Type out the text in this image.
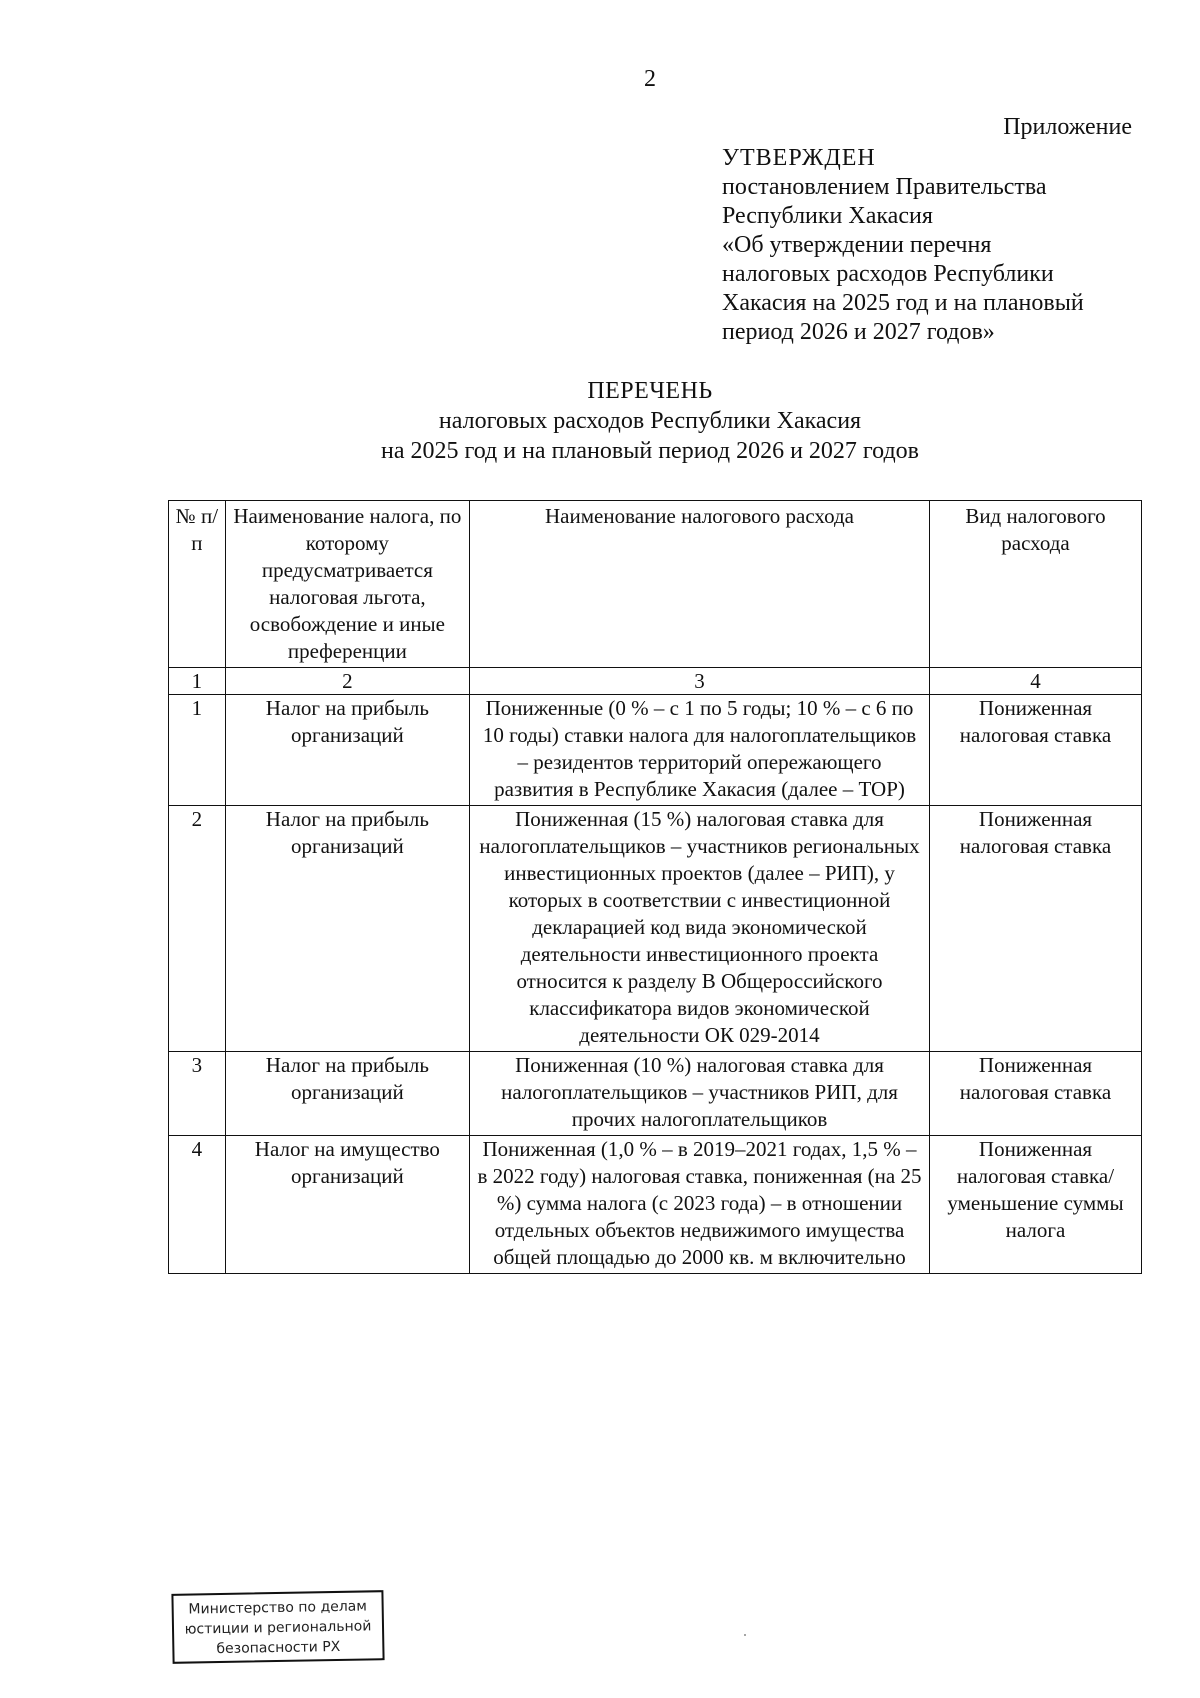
2
Приложение
УТВЕРЖДЕН
постановлением Правительства
Республики Хакасия
«Об утверждении перечня
налоговых расходов Республики
Хакасия на 2025 год и на плановый
период 2026 и 2027 годов»
ПЕРЕЧЕНЬ
налоговых расходов Республики Хакасия
на 2025 год и на плановый период 2026 и 2027 годов
№ п/п	Наименование налога, по которому предусматривается налоговая льгота, освобождение и иные преференции	Наименование налогового расхода	Вид налогового расхода
1	2	3	4
1	Налог на прибыль организаций	Пониженные (0 % – с 1 по 5 годы; 10 % – с 6 по 10 годы) ставки налога для налогоплательщиков – резидентов территорий опережающего развития в Республике Хакасия (далее – ТОР)	Пониженная налоговая ставка
2	Налог на прибыль организаций	Пониженная (15 %) налоговая ставка для налогоплательщиков – участников региональных инвестиционных проектов (далее – РИП), у которых в соответствии с инвестиционной декларацией код вида экономической деятельности инвестиционного проекта относится к разделу В Общероссийского классификатора видов экономической деятельности ОК 029-2014	Пониженная налоговая ставка
3	Налог на прибыль организаций	Пониженная (10 %) налоговая ставка для налогоплательщиков – участников РИП, для прочих налогоплательщиков	Пониженная налоговая ставка
4	Налог на имущество организаций	Пониженная (1,0 % – в 2019–2021 годах, 1,5 % – в 2022 году) налоговая ставка, пониженная (на 25 %) сумма налога (с 2023 года) – в отношении отдельных объектов недвижимого имущества общей площадью до 2000 кв. м включительно	Пониженная налоговая ставка/уменьшение суммы налога
Министерство по делам
юстиции и региональной
безопасности РХ
